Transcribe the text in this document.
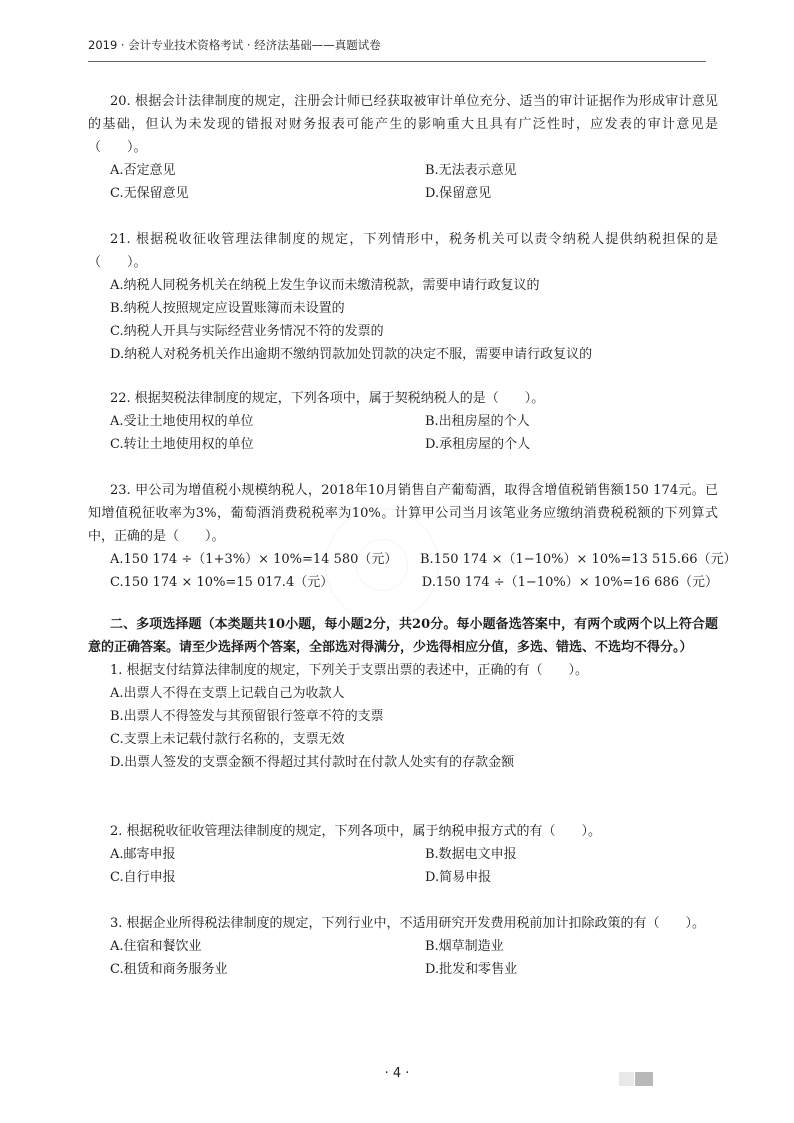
2019 · 会计专业技术资格考试 · 经济法基础——真题试卷

20. 根据会计法律制度的规定，注册会计师已经获取被审计单位充分、适当的审计证据作为形成审计意见的基础，但认为未发现的错报对财务报表可能产生的影响重大且具有广泛性时，应发表的审计意见是（　　）。

A.否定意见	B.无法表示意见
C.无保留意见	D.保留意见

21. 根据税收征收管理法律制度的规定，下列情形中，税务机关可以责令纳税人提供纳税担保的是（　　）。

A.纳税人同税务机关在纳税上发生争议而未缴清税款，需要申请行政复议的
B.纳税人按照规定应设置账簿而未设置的
C.纳税人开具与实际经营业务情况不符的发票的
D.纳税人对税务机关作出逾期不缴纳罚款加处罚款的决定不服，需要申请行政复议的

22. 根据契税法律制度的规定，下列各项中，属于契税纳税人的是（　　）。

A.受让土地使用权的单位	B.出租房屋的个人
C.转让土地使用权的单位	D.承租房屋的个人

23. 甲公司为增值税小规模纳税人，2018年10月销售自产葡萄酒，取得含增值税销售额150 174元。已知增值税征收率为3%，葡萄酒消费税税率为10%。计算甲公司当月该笔业务应缴纳消费税税额的下列算式中，正确的是（　　）。

A.150 174 ÷（1+3%）× 10%=14 580（元）	B.150 174 ×（1−10%）× 10%=13 515.66（元）
C.150 174 × 10%=15 017.4（元）	D.150 174 ÷（1−10%）× 10%=16 686（元）

二、多项选择题（本类题共10小题，每小题2分，共20分。每小题备选答案中，有两个或两个以上符合题意的正确答案。请至少选择两个答案，全部选对得满分，少选得相应分值，多选、错选、不选均不得分。）

1. 根据支付结算法律制度的规定，下列关于支票出票的表述中，正确的有（　　）。

A.出票人不得在支票上记载自己为收款人
B.出票人不得签发与其预留银行签章不符的支票
C.支票上未记载付款行名称的，支票无效
D.出票人签发的支票金额不得超过其付款时在付款人处实有的存款金额

2. 根据税收征收管理法律制度的规定，下列各项中，属于纳税申报方式的有（　　）。

A.邮寄申报	B.数据电文申报
C.自行申报	D.简易申报

3. 根据企业所得税法律制度的规定，下列行业中，不适用研究开发费用税前加计扣除政策的有（　　）。

A.住宿和餐饮业	B.烟草制造业
C.租赁和商务服务业	D.批发和零售业
· 4 ·
